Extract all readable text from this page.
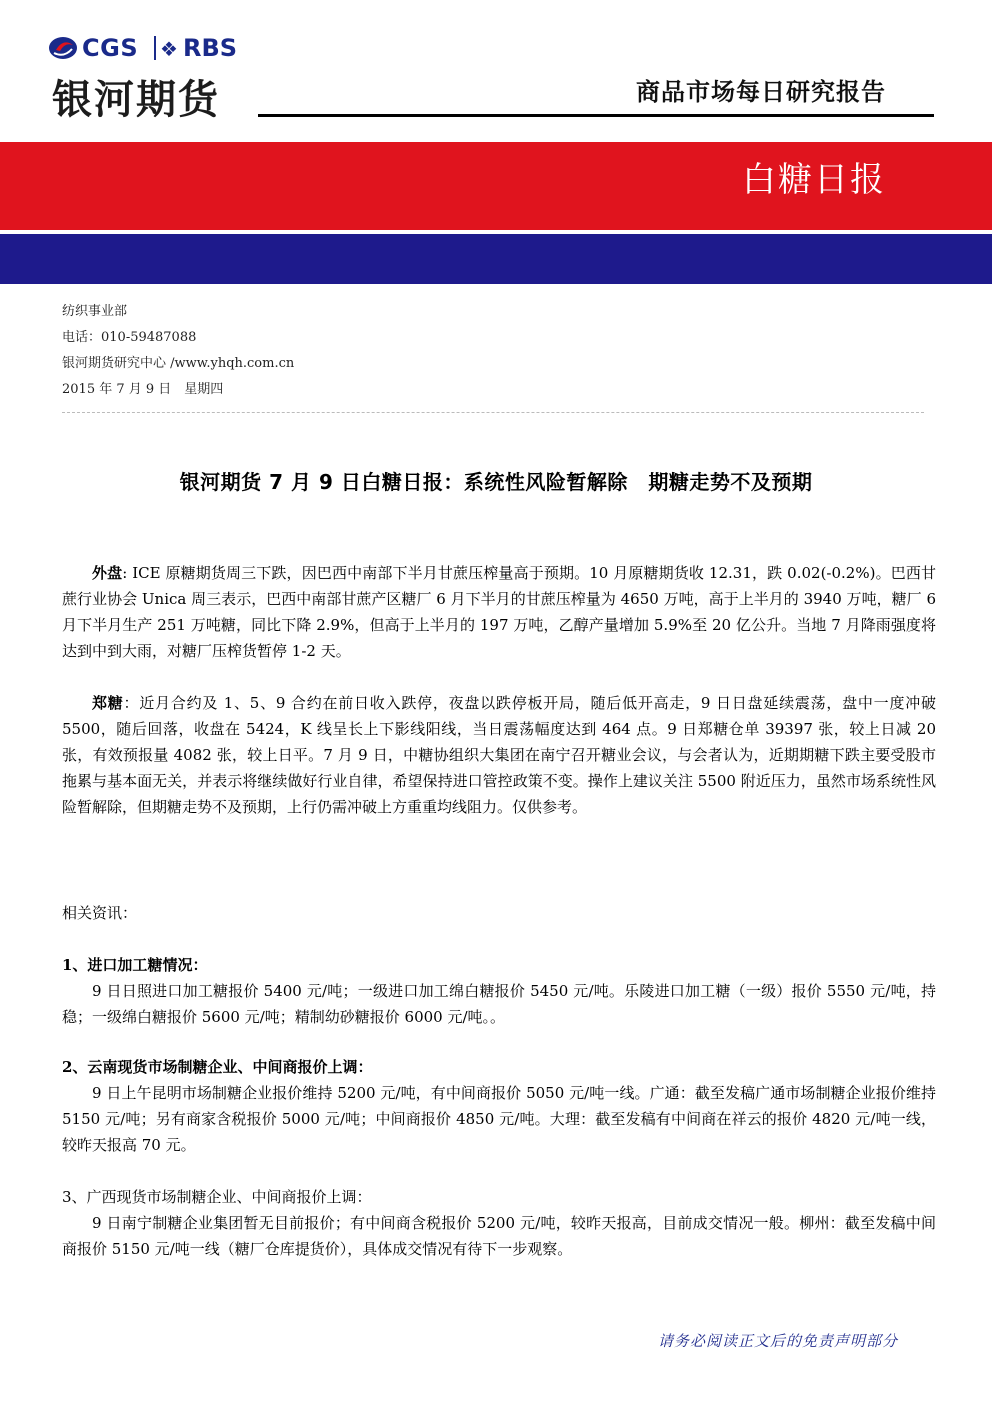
CGS ❖ RBS
银河期货	商品市场每日研究报告
白糖日报
纺织事业部
电话：010-59487088
银河期货研究中心 /www.yhqh.com.cn
2015 年 7 月 9 日　星期四
银河期货 7 月 9 日白糖日报：系统性风险暂解除　期糖走势不及预期
外盘: ICE 原糖期货周三下跌，因巴西中南部下半月甘蔗压榨量高于预期。10 月原糖期货收 12.31，跌 0.02(-0.2%)。巴西甘蔗行业协会 Unica 周三表示，巴西中南部甘蔗产区糖厂 6 月下半月的甘蔗压榨量为 4650 万吨，高于上半月的 3940 万吨，糖厂 6 月下半月生产 251 万吨糖，同比下降 2.9%，但高于上半月的 197 万吨，乙醇产量增加 5.9%至 20 亿公升。当地 7 月降雨强度将达到中到大雨，对糖厂压榨货暂停 1-2 天。
郑糖：近月合约及 1、5、9 合约在前日收入跌停，夜盘以跌停板开局，随后低开高走，9 日日盘延续震荡，盘中一度冲破 5500，随后回落，收盘在 5424，K 线呈长上下影线阳线，当日震荡幅度达到 464 点。9 日郑糖仓单 39397 张，较上日减 20 张，有效预报量 4082 张，较上日平。7 月 9 日，中糖协组织大集团在南宁召开糖业会议，与会者认为，近期期糖下跌主要受股市拖累与基本面无关，并表示将继续做好行业自律，希望保持进口管控政策不变。操作上建议关注 5500 附近压力，虽然市场系统性风险暂解除，但期糖走势不及预期，上行仍需冲破上方重重均线阻力。仅供参考。
相关资讯：
1、进口加工糖情况：
9 日日照进口加工糖报价 5400 元/吨；一级进口加工绵白糖报价 5450 元/吨。乐陵进口加工糖（一级）报价 5550 元/吨，持稳；一级绵白糖报价 5600 元/吨；精制幼砂糖报价 6000 元/吨。。
2、云南现货市场制糖企业、中间商报价上调：
9 日上午昆明市场制糖企业报价维持 5200 元/吨，有中间商报价 5050 元/吨一线。广通：截至发稿广通市场制糖企业报价维持 5150 元/吨；另有商家含税报价 5000 元/吨；中间商报价 4850 元/吨。大理：截至发稿有中间商在祥云的报价 4820 元/吨一线，较昨天报高 70 元。
3、广西现货市场制糖企业、中间商报价上调：
9 日南宁制糖企业集团暂无目前报价；有中间商含税报价 5200 元/吨，较昨天报高，目前成交情况一般。柳州：截至发稿中间商报价 5150 元/吨一线（糖厂仓库提货价），具体成交情况有待下一步观察。
请务必阅读正文后的免责声明部分
